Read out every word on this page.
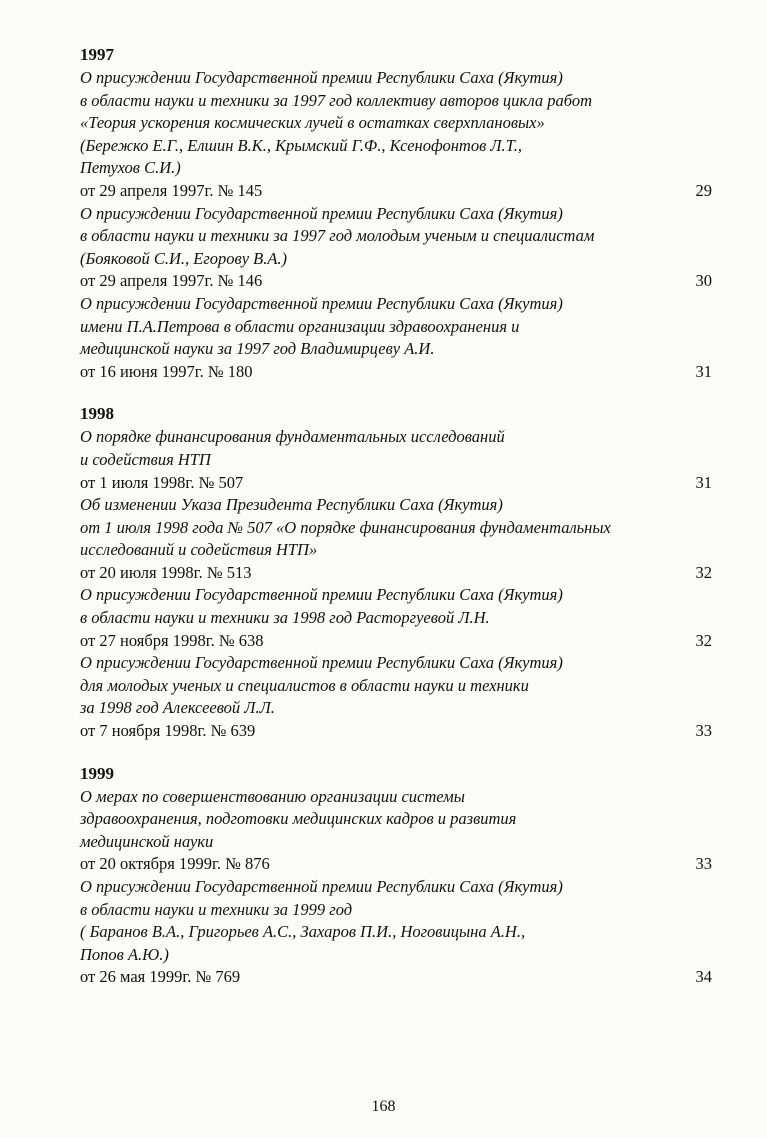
1997
О присуждении Государственной премии Республики Саха (Якутия)
в области науки и техники за 1997 год коллективу авторов цикла работ
«Теория ускорения космических лучей в остатках сверхплановых»
(Бережко Е.Г., Елшин В.К., Крымский Г.Ф., Ксенофонтов Л.Т.,
Петухов С.И.)
от 29 апреля 1997г. № 145	29
О присуждении Государственной премии Республики Саха (Якутия)
в области науки и техники за 1997 год молодым ученым и специалистам
(Бояковой С.И., Егорову В.А.)
от 29 апреля 1997г. № 146	30
О присуждении Государственной премии Республики Саха (Якутия)
имени П.А.Петрова в области организации здравоохранения и
медицинской науки за 1997 год Владимирцеву А.И.
от 16 июня 1997г. № 180	31
1998
О порядке финансирования фундаментальных исследований
и содействия НТП
от 1 июля 1998г. № 507	31
Об изменении Указа Президента Республики Саха (Якутия)
от 1 июля 1998 года № 507 «О порядке финансирования фундаментальных
исследований и содействия НТП»
от 20 июля 1998г. № 513	32
О присуждении Государственной премии Республики Саха (Якутия)
в области науки и техники за 1998 год Расторгуевой Л.Н.
от 27 ноября 1998г. № 638	32
О присуждении Государственной премии Республики Саха (Якутия)
для молодых ученых и специалистов в области науки и техники
за 1998 год Алексеевой Л.Л.
от 7 ноября 1998г. № 639	33
1999
О мерах по совершенствованию организации системы
здравоохранения, подготовки медицинских кадров и развития
медицинской науки
от 20 октября 1999г. № 876	33
О присуждении Государственной премии Республики Саха (Якутия)
в области науки и техники за 1999 год
( Баранов В.А., Григорьев А.С., Захаров П.И., Ноговицына А.Н.,
Попов А.Ю.)
от 26 мая 1999г. № 769	34
168
